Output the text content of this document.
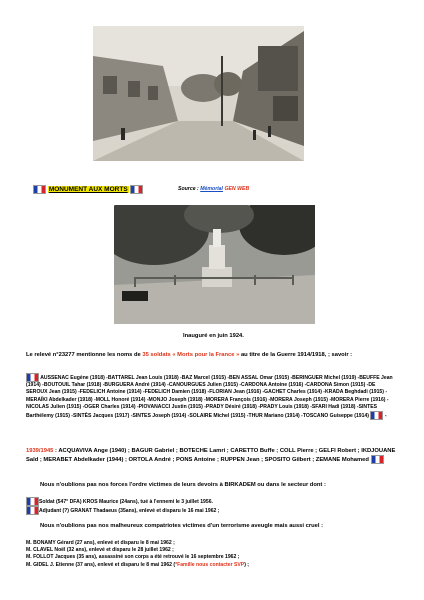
MONUMENT AUX MORTS	Source : Mémorial GEN WEB
Inauguré en juin 1924.
Le relevé n°23277 mentionne les noms de 35 soldats « Morts pour la France » au titre de la Guerre 1914/1918, ; savoir :
AUSSENAC Eugène (1918) -BATTAREL Jean Louis (1918) -BAZ Marcel (1915) -BEN ASSAL Omar (1915) -BERINGUER Michel (1919) -BEUFFE Jean (1914) -BOUTOUIL Tahar (1918) -BURGUERA André (1914) -CANOURGUES Julien (1915) -CARDONA Antoine (1916) -CARDONA Simon (1915) -DE SEROUX Jean (1915) -FEDELICH Antoine (1914) -FEDELICH Damien (1918) -FLORIAN Jean (1916) -GACHET Charles (1914) -KRADA Beghdadi (1915) -MERAÏKI Abdelkader (1918) -MOLL Honoré (1914) -MONJO Joseph (1918) -MORERA François (1916) -MORERA Joseph (1915) -MORERA Pierre (1916) -NICOLAS Julien (1915) -OGER Charles (1914) -PIOVANACCI Justin (1915) -PRADY Désiré (1918) -PRADY Louis (1918) -SFARI Hadi (1918) -SINTES Barthélemy (1915) -SINTÈS Jacques (1917) -SINTES Joseph (1914) -SOLAIRE Michel (1915) -THUR Mariano (1914) -TOSCANO Guiseppe (1914)	-
1939/1945 : ACQUAVIVA Ange (1940) ; BAGUR Gabriel ; BOTECHE Lamri ; CARETTO Buffe ; COLL Pierre ; GELFI Robert ; IKDJOUANE Saïd ; MERABET Abdelkader (1944) ; ORTOLA André ; PONS Antoine ; RUPPEN Jean ; SPOSITO Gilbert ; ZEMANE Mohamed
Nous n'oublions pas nos forces l'ordre victimes de leurs devoirs à BIRKADEM ou dans le secteur dont :
Soldat (547° DFA) KROS Maurice (24ans), tué à l'ennemi le 3 juillet 1956.
Adjudant (?) GRANAT Thadaeus (35ans), enlevé et disparu le 16 mai 1962 ;
Nous n'oublions pas nos malheureux compatriotes victimes d'un terrorisme aveugle mais aussi cruel :
M. BONAMY Gérard (27 ans), enlevé et disparu le 8 mai 1962 ;
M. CLAVEL Noël (32 ans), enlevé et disparu le 28 juillet 1962 ;
M. FOLLOT Jacques (35 ans), assassiné son corps a été retrouvé le 16 septembre 1962 ;
M. GIDEL J. Etienne (37 ans), enlevé et disparu le 8 mai 1962 (*Famille nous contacter SVP) ;
